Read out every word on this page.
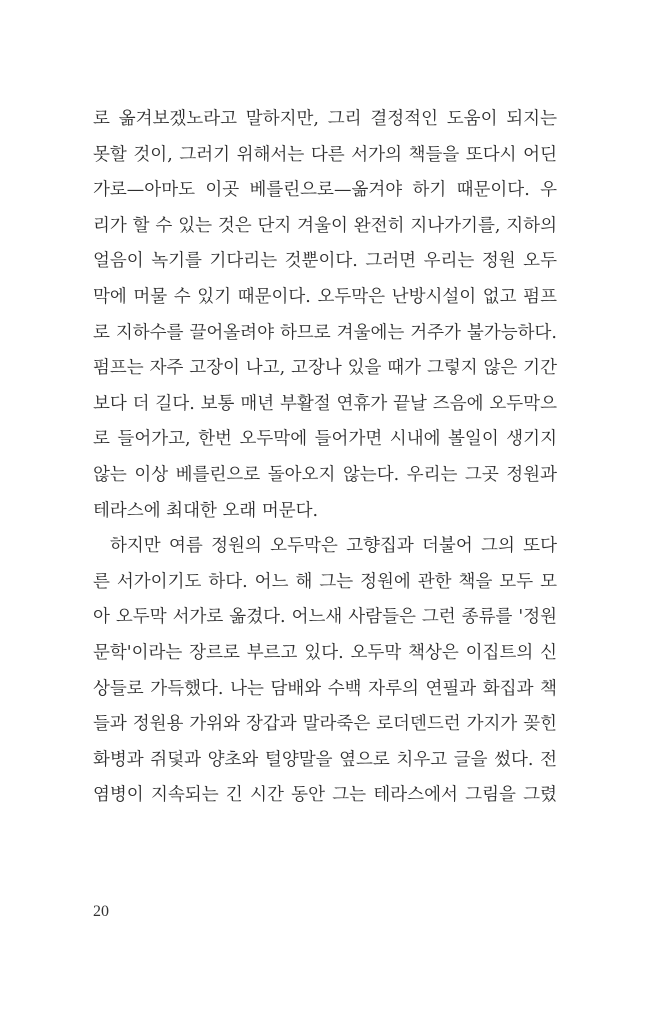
로 옮겨보겠노라고 말하지만, 그리 결정적인 도움이 되지는
못할 것이, 그러기 위해서는 다른 서가의 책들을 또다시 어딘
가로—아마도 이곳 베를린으로—옮겨야 하기 때문이다. 우
리가 할 수 있는 것은 단지 겨울이 완전히 지나가기를, 지하의
얼음이 녹기를 기다리는 것뿐이다. 그러면 우리는 정원 오두
막에 머물 수 있기 때문이다. 오두막은 난방시설이 없고 펌프
로 지하수를 끌어올려야 하므로 겨울에는 거주가 불가능하다.
펌프는 자주 고장이 나고, 고장나 있을 때가 그렇지 않은 기간
보다 더 길다. 보통 매년 부활절 연휴가 끝날 즈음에 오두막으
로 들어가고, 한번 오두막에 들어가면 시내에 볼일이 생기지
않는 이상 베를린으로 돌아오지 않는다. 우리는 그곳 정원과
테라스에 최대한 오래 머문다.
하지만 여름 정원의 오두막은 고향집과 더불어 그의 또다
른 서가이기도 하다. 어느 해 그는 정원에 관한 책을 모두 모
아 오두막 서가로 옮겼다. 어느새 사람들은 그런 종류를 '정원
문학'이라는 장르로 부르고 있다. 오두막 책상은 이집트의 신
상들로 가득했다. 나는 담배와 수백 자루의 연필과 화집과 책
들과 정원용 가위와 장갑과 말라죽은 로더덴드런 가지가 꽂힌
화병과 쥐덫과 양초와 털양말을 옆으로 치우고 글을 썼다. 전
염병이 지속되는 긴 시간 동안 그는 테라스에서 그림을 그렸
20
